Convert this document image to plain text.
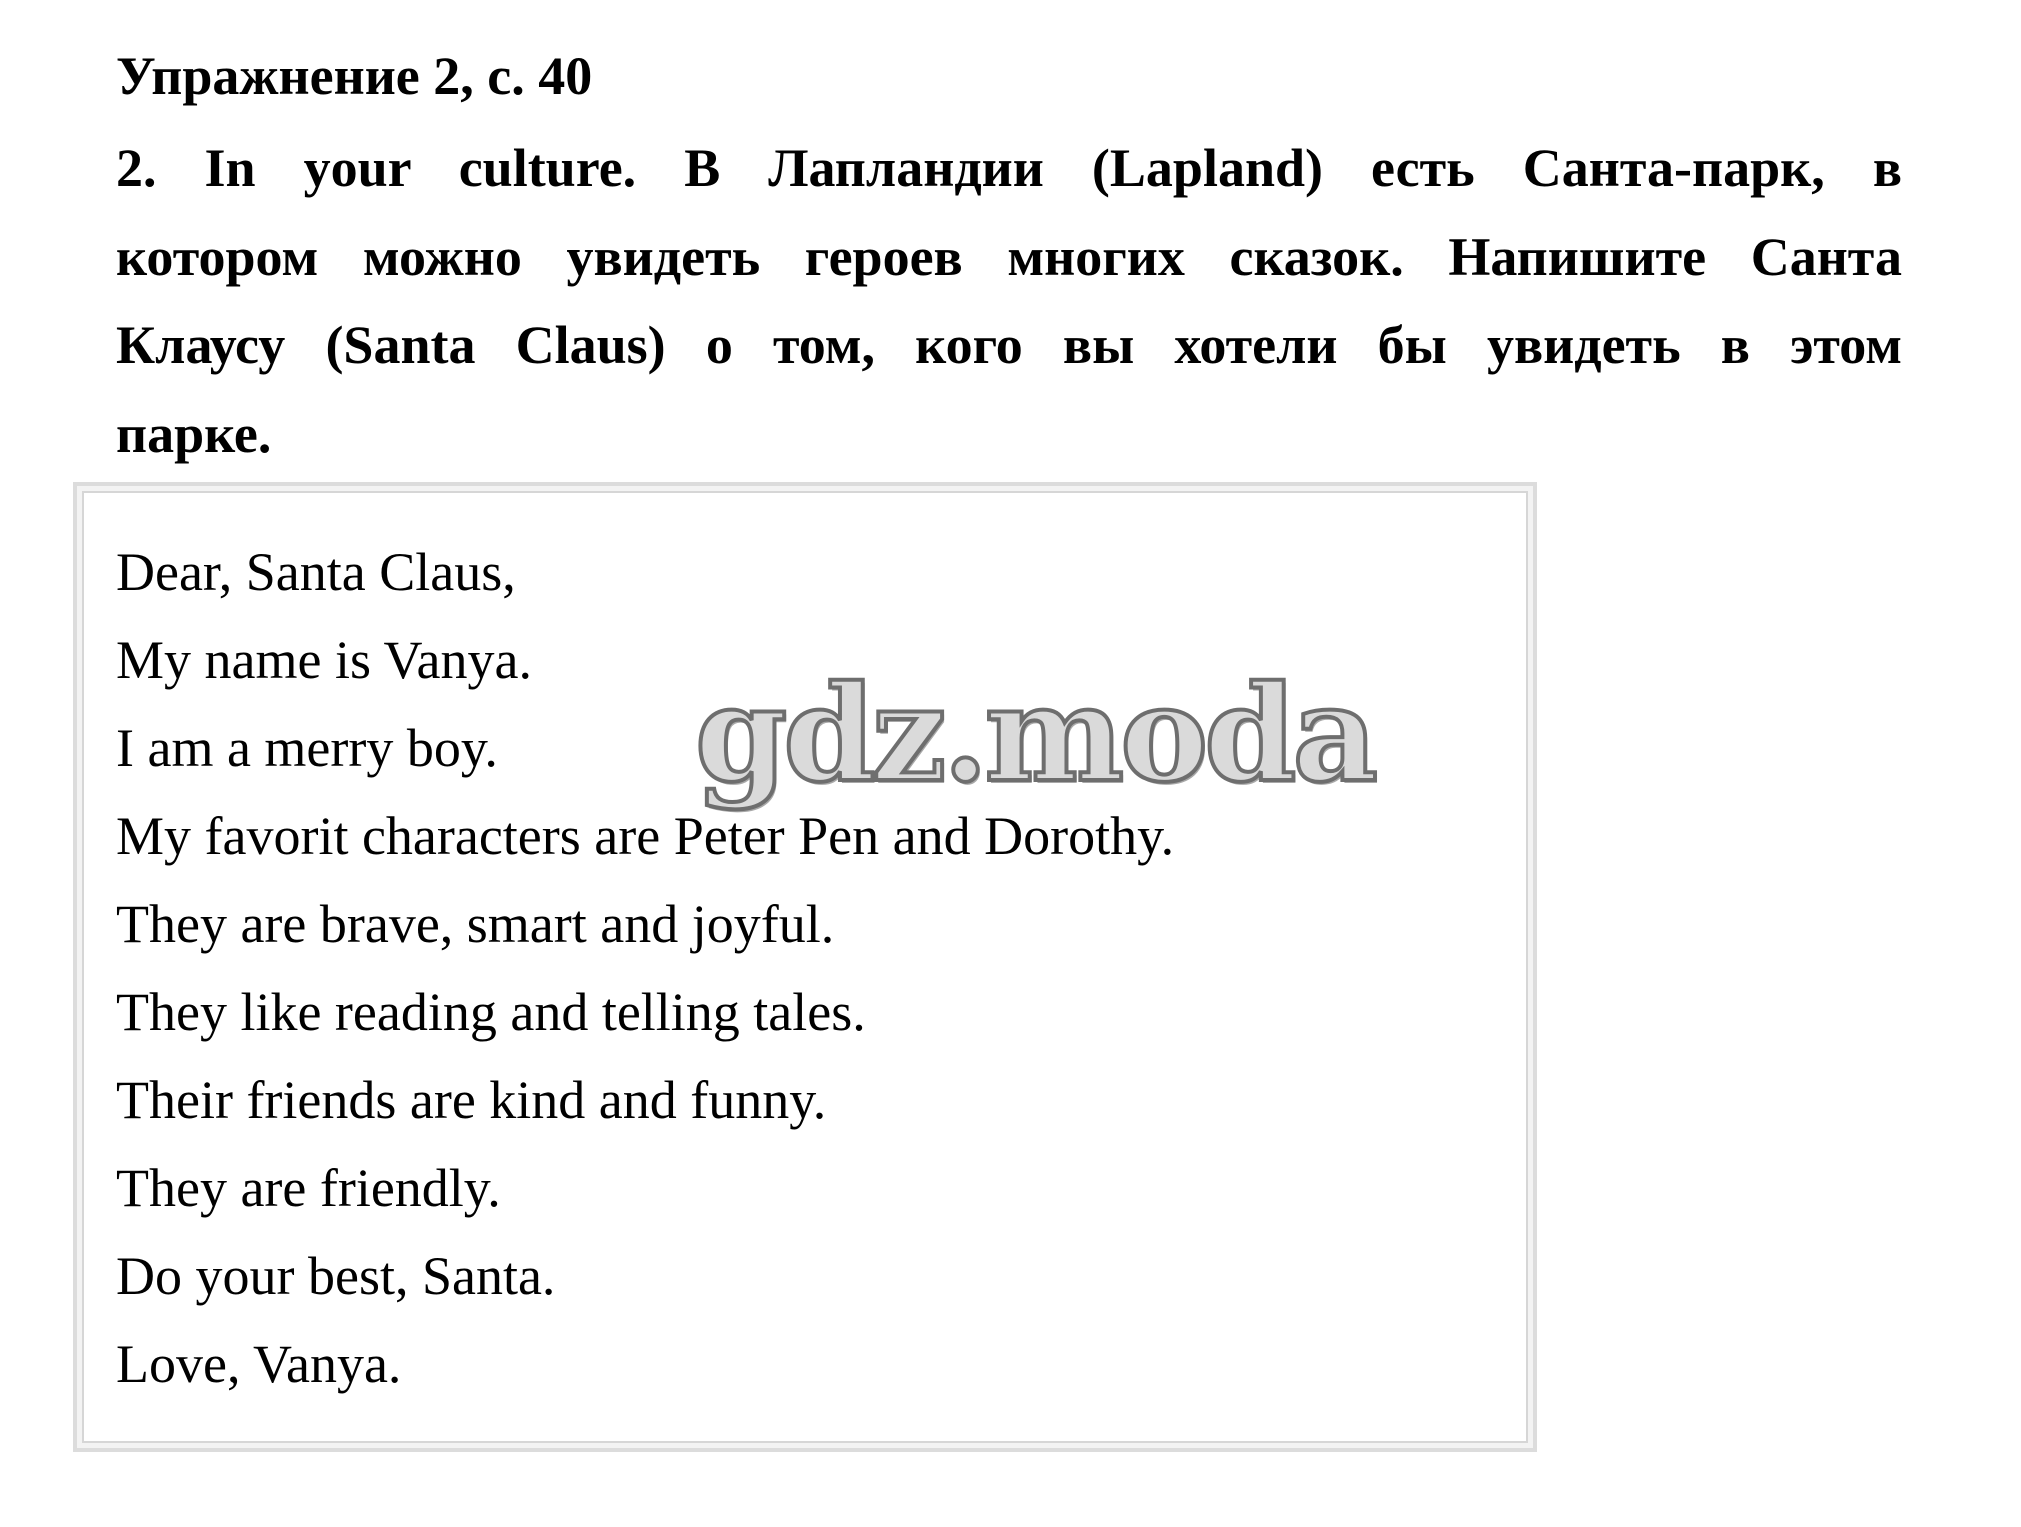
Упражнение 2, с. 40
2. In your culture. В Лапландии (Lapland) есть Санта-парк, в
котором можно увидеть героев многих сказок. Напишите Санта
Клаусу (Santa Claus) о том, кого вы хотели бы увидеть в этом
парке.
Dear, Santa Claus,
My name is Vanya.
I am a merry boy.
My favorit characters are Peter Pen and Dorothy.
They are brave, smart and joyful.
They like reading and telling tales.
Their friends are kind and funny.
They are friendly.
Do your best, Santa.
Love, Vanya.
gdz.moda
